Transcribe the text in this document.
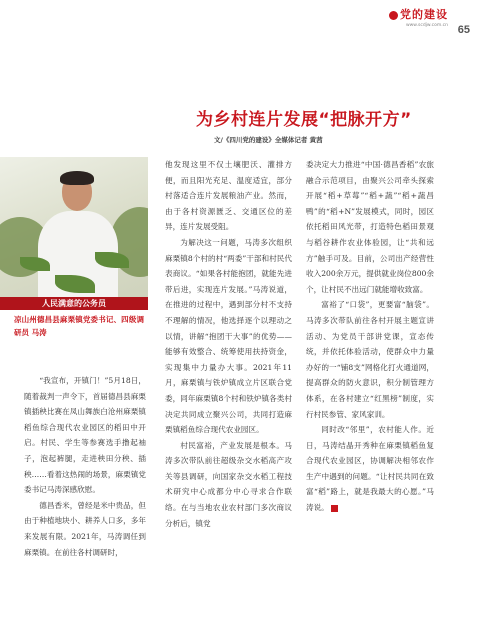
党的建设
www.scdjw.com.cn 65
为乡村连片发展“把脉开方”
文/《四川党的建设》全媒体记者 黄茜
人民满意的公务员
凉山州德昌县麻栗镇党委书记、四级调研员 马涛

“我宣布，开镇门！”5月18日，随着裁判一声令下，首届德昌县麻栗镇插秧比赛在凤山舞族白沧州麻栗镇稻鱼综合现代农业园区的稻田中开启。村民、学生等参赛选手撸起袖子，泡起裤腿，走进秧田分秧、插秧……看着这热闹的场景，麻栗镇党委书记马涛深感欣慰。

德昌香米，曾经是米中贵品，但由于种植地块小、耕养人口多，多年来发展有限。2021年，马涛调任到麻栗镇。在前往各村调研时，

他发现这里不仅土壤肥沃、灌排方便，而且阳光充足、温度适宜，部分村落适合连片发展粮油产业。然而，由于各村资源匮乏、交通区位的差异，连片发展受阻。

为解决这一问题，马涛多次组织麻栗镇8个村的村“两委”干部和村民代表商议。“如果各村能抱团，就能先进带后进，实现连片发展。”马涛说道，在推进的过程中，遇到部分村不支持不理解的情况，他选择逐个以理动之以情，讲解“抱团干大事”的优势——能够有效整合、统筹使用扶持资金，实现集中力量办大事。2021年11月，麻栗镇与铁炉镇成立片区联合党委，同年麻栗镇8个村和铁炉镇各类村决定共同成立聚兴公司，共同打造麻栗镇稻鱼综合现代农业园区。

村民富裕，产业发展是根本。马涛多次带队前往超级杂交水稻高产攻关等县调研，向国家杂交水稻工程技术研究中心成都分中心寻求合作联络。在与当地农业农村部门多次商议分析后，镇党

委决定大力推进“中国·德昌香稻”农旅融合示范项目，由聚兴公司牵头探索开展“稻+草莓”“稻+蔬”“稻+蔬昌鸭”的“稻+N”发展模式，同时，园区依托稻田风光带，打造特色稻田景观与稻谷耕作农业体验园，让“共和远方”触手可及。目前，公司出产经营性收入200余万元，提供就业岗位800余个，让村民不出远门就能增收致富。

富裕了“口袋”，更要富“脑袋”。马涛多次带队前往各村开展主题宣讲活动、为党员干部讲党课，宣态传统，并依托体验活动，使群众中力量办好的一“铺8支”网格化打火通道网，提高群众的防火意识，积分制管理方体系，在各村建立“红黑榜”制度，实行村民参管、家风家训。

同时改“邻里”，农村能人作。近日，马涛结晶开秀种在麻栗镇稻鱼复合现代农业园区，协调解决相邻农作生产中遇到的问题。“让村民共同在致富“稻”路上，就是我最大的心愿。”马涛说。
